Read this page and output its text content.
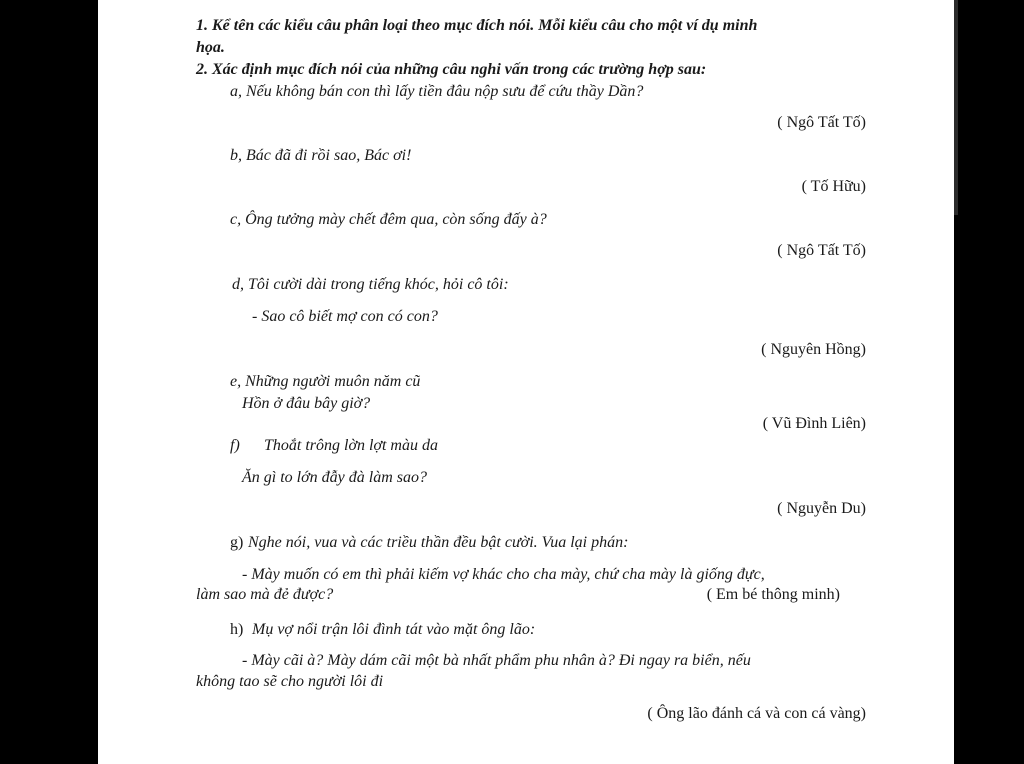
1. Kể tên các kiểu câu phân loại theo mục đích nói. Mỗi kiểu câu cho một ví dụ minh
họa.
2. Xác định mục đích nói của những câu nghi vấn trong các trường hợp sau:
a, Nếu không bán con thì lấy tiền đâu nộp sưu để cứu thầy Dần?
( Ngô Tất Tố)
b, Bác đã đi rồi sao, Bác ơi!
( Tố Hữu)
c, Ông tưởng mày chết đêm qua, còn sống đấy à?
( Ngô Tất Tố)
d, Tôi cười dài trong tiếng khóc, hỏi cô tôi:
- Sao cô biết mợ con có con?
( Nguyên Hồng)
e, Những người muôn năm cũ
Hồn ở đâu bây giờ?
( Vũ Đình Liên)
f) Thoắt trông lờn lợt màu da
Ăn gì to lớn đẫy đà làm sao?
( Nguyễn Du)
g) Nghe nói, vua và các triều thần đều bật cười. Vua lại phán:
- Mày muốn có em thì phải kiếm vợ khác cho cha mày, chứ cha mày là giống đực,
làm sao mà đẻ được?	( Em bé thông minh)
h) Mụ vợ nổi trận lôi đình tát vào mặt ông lão:
- Mày cãi à? Mày dám cãi một bà nhất phẩm phu nhân à? Đi ngay ra biển, nếu
không tao sẽ cho người lôi đi
( Ông lão đánh cá và con cá vàng)
